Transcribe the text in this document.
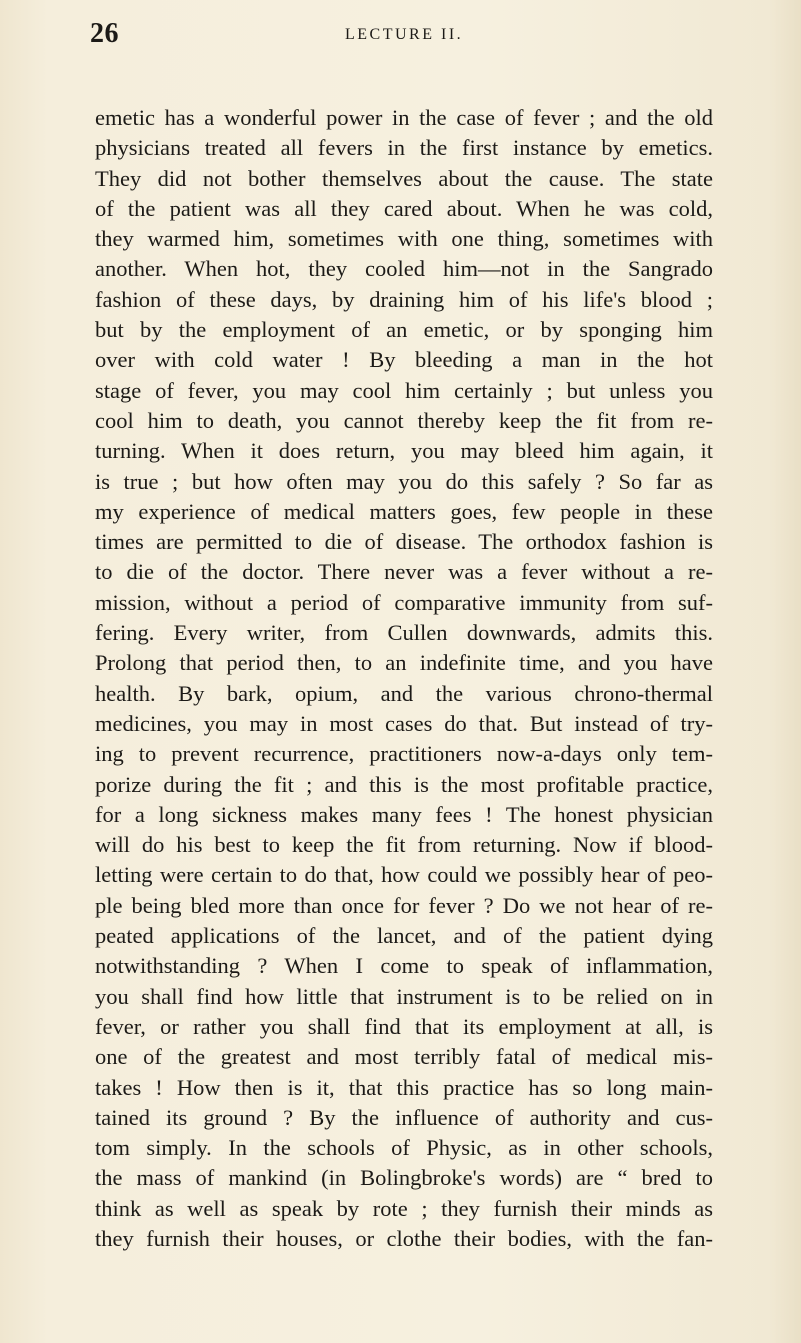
26	LECTURE II.
emetic has a wonderful power in the case of fever ; and the old
physicians treated all fevers in the first instance by emetics.
They did not bother themselves about the cause. The state
of the patient was all they cared about. When he was cold,
they warmed him, sometimes with one thing, sometimes with
another. When hot, they cooled him—not in the Sangrado
fashion of these days, by draining him of his life's blood ;
but by the employment of an emetic, or by sponging him
over with cold water ! By bleeding a man in the hot
stage of fever, you may cool him certainly ; but unless you
cool him to death, you cannot thereby keep the fit from re-
turning. When it does return, you may bleed him again, it
is true ; but how often may you do this safely ? So far as
my experience of medical matters goes, few people in these
times are permitted to die of disease. The orthodox fashion is
to die of the doctor. There never was a fever without a re-
mission, without a period of comparative immunity from suf-
fering. Every writer, from Cullen downwards, admits this.
Prolong that period then, to an indefinite time, and you have
health. By bark, opium, and the various chrono-thermal
medicines, you may in most cases do that. But instead of try-
ing to prevent recurrence, practitioners now-a-days only tem-
porize during the fit ; and this is the most profitable practice,
for a long sickness makes many fees ! The honest physician
will do his best to keep the fit from returning. Now if blood-
letting were certain to do that, how could we possibly hear of peo-
ple being bled more than once for fever ? Do we not hear of re-
peated applications of the lancet, and of the patient dying
notwithstanding ? When I come to speak of inflammation,
you shall find how little that instrument is to be relied on in
fever, or rather you shall find that its employment at all, is
one of the greatest and most terribly fatal of medical mis-
takes ! How then is it, that this practice has so long main-
tained its ground ? By the influence of authority and cus-
tom simply. In the schools of Physic, as in other schools,
the mass of mankind (in Bolingbroke's words) are “ bred to
think as well as speak by rote ; they furnish their minds as
they furnish their houses, or clothe their bodies, with the fan-
